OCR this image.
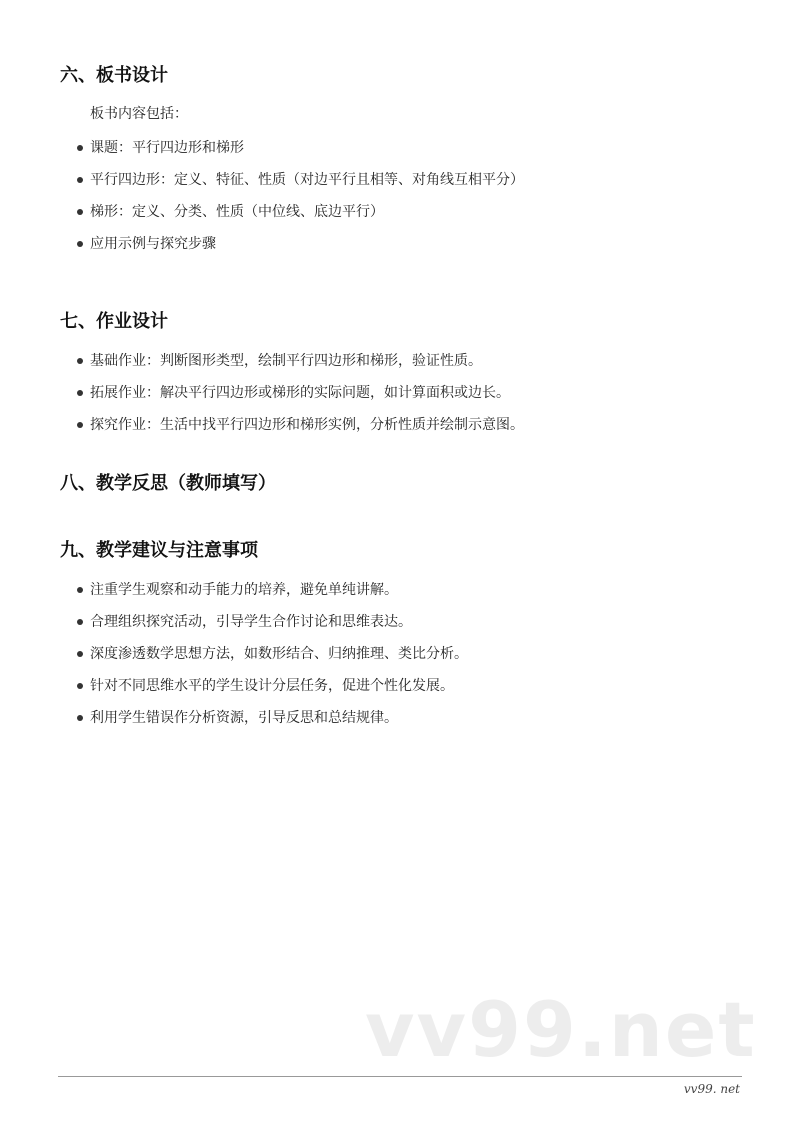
六、板书设计

板书内容包括：

课题：平行四边形和梯形
平行四边形：定义、特征、性质（对边平行且相等、对角线互相平分）
梯形：定义、分类、性质（中位线、底边平行）
应用示例与探究步骤
七、作业设计
基础作业：判断图形类型，绘制平行四边形和梯形，验证性质。
拓展作业：解决平行四边形或梯形的实际问题，如计算面积或边长。
探究作业：生活中找平行四边形和梯形实例，分析性质并绘制示意图。
八、教学反思（教师填写）
九、教学建议与注意事项
注重学生观察和动手能力的培养，避免单纯讲解。
合理组织探究活动，引导学生合作讨论和思维表达。
深度渗透数学思想方法，如数形结合、归纳推理、类比分析。
针对不同思维水平的学生设计分层任务，促进个性化发展。
利用学生错误作分析资源，引导反思和总结规律。
vv99.net
vv99. net
